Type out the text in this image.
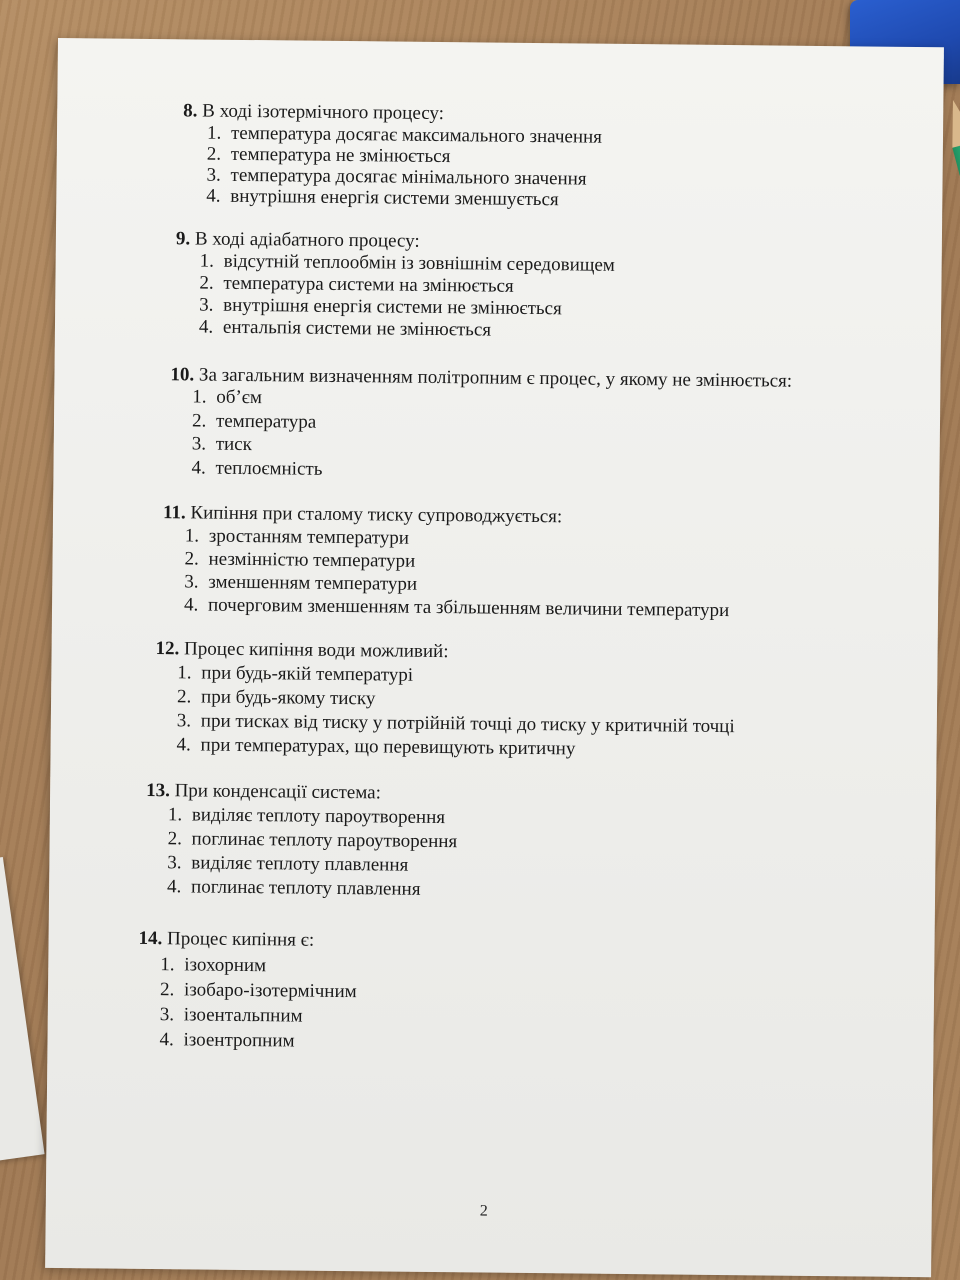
8. В ході ізотермічного процесу:
1. температура досягає максимального значення
2. температура не змінюється
3. температура досягає мінімального значення
4. внутрішня енергія системи зменшується
9. В ході адіабатного процесу:
1. відсутній теплообмін із зовнішнім середовищем
2. температура системи на змінюється
3. внутрішня енергія системи не змінюється
4. ентальпія системи не змінюється
10. За загальним визначенням політропним є процес, у якому не змінюється:
1. об’єм
2. температура
3. тиск
4. теплоємність
11. Кипіння при сталому тиску супроводжується:
1. зростанням температури
2. незмінністю температури
3. зменшенням температури
4. почерговим зменшенням та збільшенням величини температури
12. Процес кипіння води можливий:
1. при будь-якій температурі
2. при будь-якому тиску
3. при тисках від тиску у потрійній точці до тиску у критичній точці
4. при температурах, що перевищують критичну
13. При конденсації система:
1. виділяє теплоту пароутворення
2. поглинає теплоту пароутворення
3. виділяє теплоту плавлення
4. поглинає теплоту плавлення
14. Процес кипіння є:
1. ізохорним
2. ізобаро-ізотермічним
3. ізоентальпним
4. ізоентропним
2
